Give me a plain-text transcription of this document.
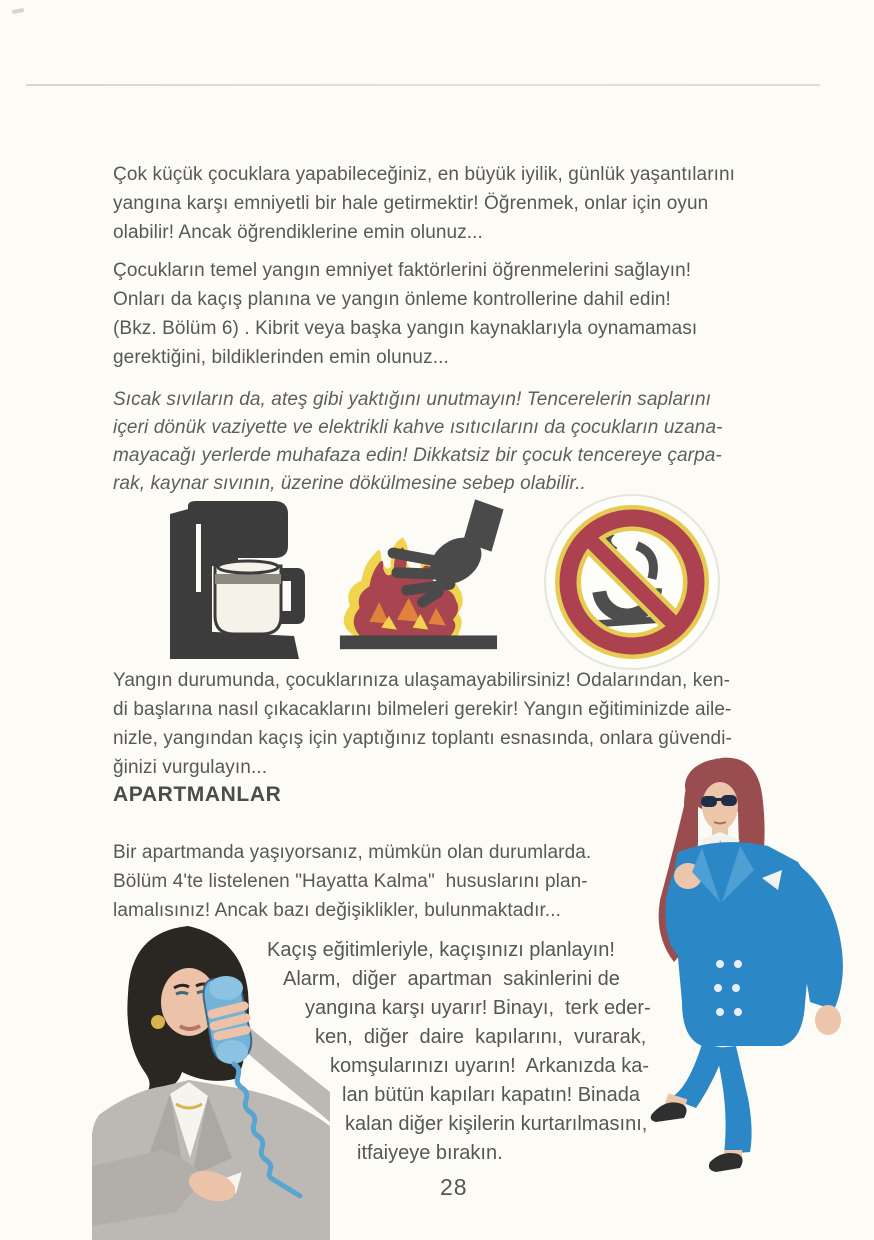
Çok küçük çocuklara yapabileceğiniz, en büyük iyilik, günlük yaşantılarını
yangına karşı emniyetli bir hale getirmektir! Öğrenmek, onlar için oyun
olabilir! Ancak öğrendiklerine emin olunuz...
Çocukların temel yangın emniyet faktörlerini öğrenmelerini sağlayın!
Onları da kaçış planına ve yangın önleme kontrollerine dahil edin!
(Bkz. Bölüm 6) . Kibrit veya başka yangın kaynaklarıyla oynamaması
gerektiğini, bildiklerinden emin olunuz...
Sıcak sıvıların da, ateş gibi yaktığını unutmayın! Tencerelerin saplarını
içeri dönük vaziyette ve elektrikli kahve ısıtıcılarını da çocukların uzana-
mayacağı yerlerde muhafaza edin! Dikkatsiz bir çocuk tencereye çarpa-
rak, kaynar sıvının, üzerine dökülmesine sebep olabilir..
Yangın durumunda, çocuklarınıza ulaşamayabilirsiniz! Odalarından, ken-
di başlarına nasıl çıkacaklarını bilmeleri gerekir! Yangın eğitiminizde aile-
nizle, yangından kaçış için yaptığınız toplantı esnasında, onlara güvendi-
ğinizi vurgulayın...
APARTMANLAR
Bir apartmanda yaşıyorsanız, mümkün olan durumlarda.
Bölüm 4'te listelenen "Hayatta Kalma"  hususlarını plan-
lamalısınız! Ancak bazı değişiklikler, bulunmaktadır...
Kaçış eğitimleriyle, kaçışınızı planlayın!
Alarm,  diğer  apartman  sakinlerini de
yangına karşı uyarır! Binayı,  terk eder-
ken,  diğer  daire  kapılarını,  vurarak,
komşularınızı uyarın!  Arkanızda ka-
lan bütün kapıları kapatın! Binada
kalan diğer kişilerin kurtarılmasını,
itfaiyeye bırakın.
28
